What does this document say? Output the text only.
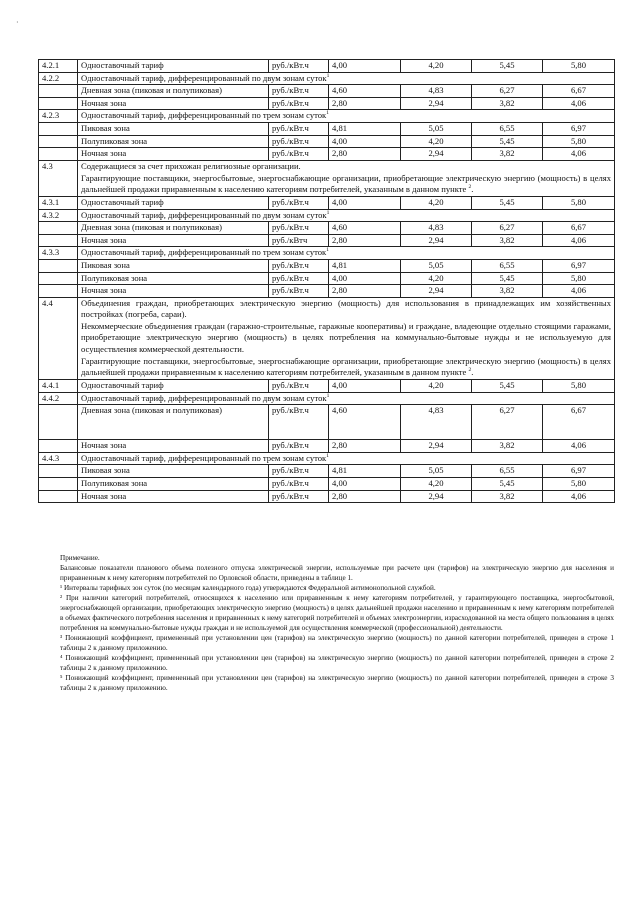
·
4.2.1	Одноставочный тариф	руб./кВт.ч	4,00	4,20	5,45	5,80
4.2.2	Одноставочный тариф, дифференцированный по двум зонам суток$^1$
	Дневная зона (пиковая и полупиковая)	руб./кВт.ч	4,60	4,83	6,27	6,67
	Ночная зона	руб./кВт.ч	2,80	2,94	3,82	4,06
4.2.3	Одноставочный тариф, дифференцированный по трем зонам суток$^1$
	Пиковая зона	руб./кВт.ч	4,81	5,05	6,55	6,97
	Полупиковая зона	руб./кВт.ч	4,00	4,20	5,45	5,80
	Ночная зона	руб./кВт.ч	2,80	2,94	3,82	4,06
4.3	Содержащиеся за счет прихожан религиозные организации.

Гарантирующие поставщики, энергосбытовые, энергоснабжающие организации, приобретающие электрическую энергию (мощность) в целях дальнейшей продажи приравненным к населению категориям потребителей, указанным в данном пункте $^2$.					

4.3.1	Одноставочный тариф	руб./кВт.ч	4,00	4,20	5,45	5,80
4.3.2	Одноставочный тариф, дифференцированный по двум зонам суток$^1$
	Дневная зона (пиковая и полупиковая)	руб./кВт.ч	4,60	4,83	6,27	6,67
	Ночная зона	руб./кВтч	2,80	2,94	3,82	4,06
4.3.3	Одноставочный тариф, дифференцированный по трем зонам суток$^1$
	Пиковая зона	руб./кВт.ч	4,81	5,05	6,55	6,97
	Полупиковая зона	руб./кВт.ч	4,00	4,20	5,45	5,80
	Ночная зона	руб./кВт.ч	2,80	2,94	3,82	4,06
4.4	Объединения граждан, приобретающих электрическую энергию (мощность) для использования в принадлежащих им хозяйственных постройках (погреба, сараи).

Некоммерческие объединения граждан (гаражно-строительные, гаражные кооперативы) и граждане, владеющие отдельно стоящими гаражами, приобретающие электрическую энергию (мощность) в целях потребления на коммунально-бытовые нужды и не используемую для осуществления коммерческой деятельности.

Гарантирующие поставщики, энергосбытовые, энергоснабжающие организации, приобретающие электрическую энергию (мощность) в целях дальнейшей продажи приравненным к населению категориям потребителей, указанным в данном пункте $^2$.					

4.4.1	Одноставочный тариф	руб./кВт.ч	4,00	4,20	5,45	5,80
4.4.2	Одноставочный тариф, дифференцированный по двум зонам суток$^1$
	Дневная зона (пиковая и полупиковая)	руб./кВт.ч	4,60	4,83	6,27	6,67
	Ночная зона	руб./кВт.ч	2,80	2,94	3,82	4,06
4.4.3	Одноставочный тариф, дифференцированный по трем зонам суток$^1$
	Пиковая зона	руб./кВт.ч	4,81	5,05	6,55	6,97
	Полупиковая зона	руб./кВт.ч	4,00	4,20	5,45	5,80
	Ночная зона	руб./кВт.ч	2,80	2,94	3,82	4,06

Примечание.

Балансовые показатели планового объема полезного отпуска электрической энергии, используемые при расчете цен (тарифов) на электрическую энергию для населения и приравненным к нему категориям потребителей по Орловской области, приведены в таблице 1.

¹ Интервалы тарифных зон суток (по месяцам календарного года) утверждаются Федеральной антимонопольной службой.

² При наличии категорий потребителей, относящихся к населению или приравненным к нему категориям потребителей, у гарантирующего поставщика, энергосбытовой, энергоснабжающей организации, приобретающих электрическую энергию (мощность) в целях дальнейшей продажи населению и приравненным к нему категориям потребителей в объемах фактического потребления населения и приравненных к нему категорий потребителей и объемах электроэнергии, израсходованной на места общего пользования в целях потребления на коммунально-бытовые нужды граждан и не используемой для осуществления коммерческой (профессиональной) деятельности.

³ Понижающий коэффициент, примененный при установлении цен (тарифов) на электрическую энергию (мощность) по данной категории потребителей, приведен в строке 1 таблицы 2 к данному приложению.

⁴ Понижающий коэффициент, примененный при установлении цен (тарифов) на электрическую энергию (мощность) по данной категории потребителей, приведен в строке 2 таблицы 2 к данному приложению.

⁵ Понижающий коэффициент, примененный при установлении цен (тарифов) на электрическую энергию (мощность) по данной категории потребителей, приведен в строке 3 таблицы 2 к данному приложению.
